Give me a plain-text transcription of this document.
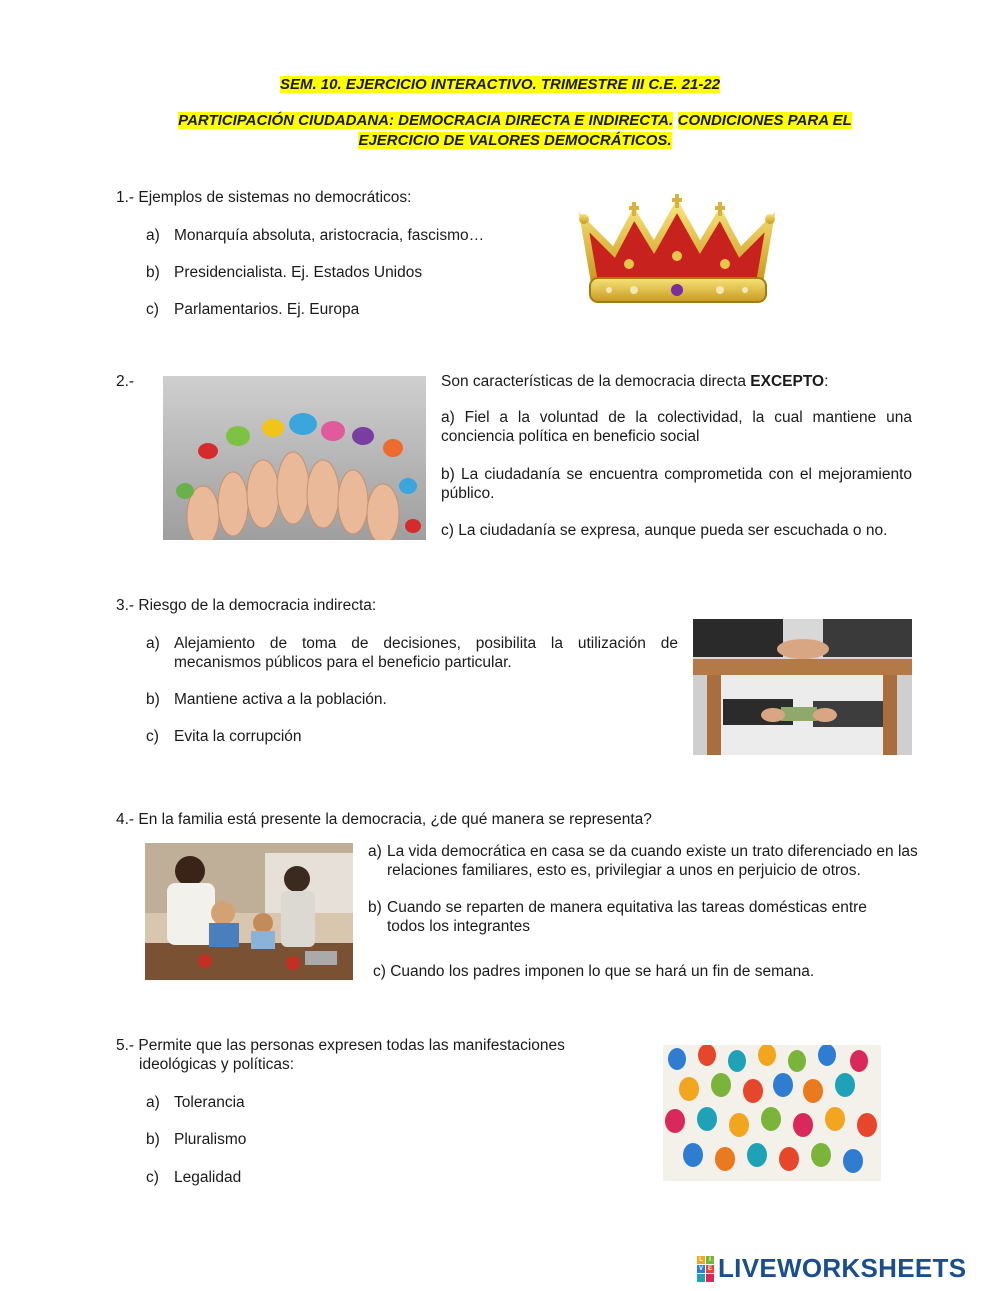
SEM. 10. EJERCICIO INTERACTIVO. TRIMESTRE III C.E. 21-22
PARTICIPACIÓN CIUDADANA: DEMOCRACIA DIRECTA E INDIRECTA. CONDICIONES PARA EL
EJERCICIO DE VALORES DEMOCRÁTICOS.
1.- Ejemplos de sistemas no democráticos:
a) Monarquía absoluta, aristocracia, fascismo…
b) Presidencialista. Ej. Estados Unidos
c) Parlamentarios. Ej. Europa
2.-	Son características de la democracia directa EXCEPTO:
a) Fiel a la voluntad de la colectividad, la cual mantiene una conciencia política en beneficio social
b) La ciudadanía se encuentra comprometida con el mejoramiento público.
c) La ciudadanía se expresa, aunque pueda ser escuchada o no.
3.- Riesgo de la democracia indirecta:
a) Alejamiento de toma de decisiones, posibilita la utilización de mecanismos públicos para el beneficio particular.
b) Mantiene activa a la población.
c) Evita la corrupción
4.- En la familia está presente la democracia, ¿de qué manera se representa?
a) La vida democrática en casa se da cuando existe un trato diferenciado en las relaciones familiares, esto es, privilegiar a unos en perjuicio de otros.
b) Cuando se reparten de manera equitativa las tareas domésticas entre todos los integrantes
c) Cuando los padres imponen lo que se hará un fin de semana.
5.- Permite que las personas expresen todas las manifestaciones
ideológicas y políticas:
a) Tolerancia
b) Pluralismo
c) Legalidad
L	I
V E LIVEWORKSHEETS
